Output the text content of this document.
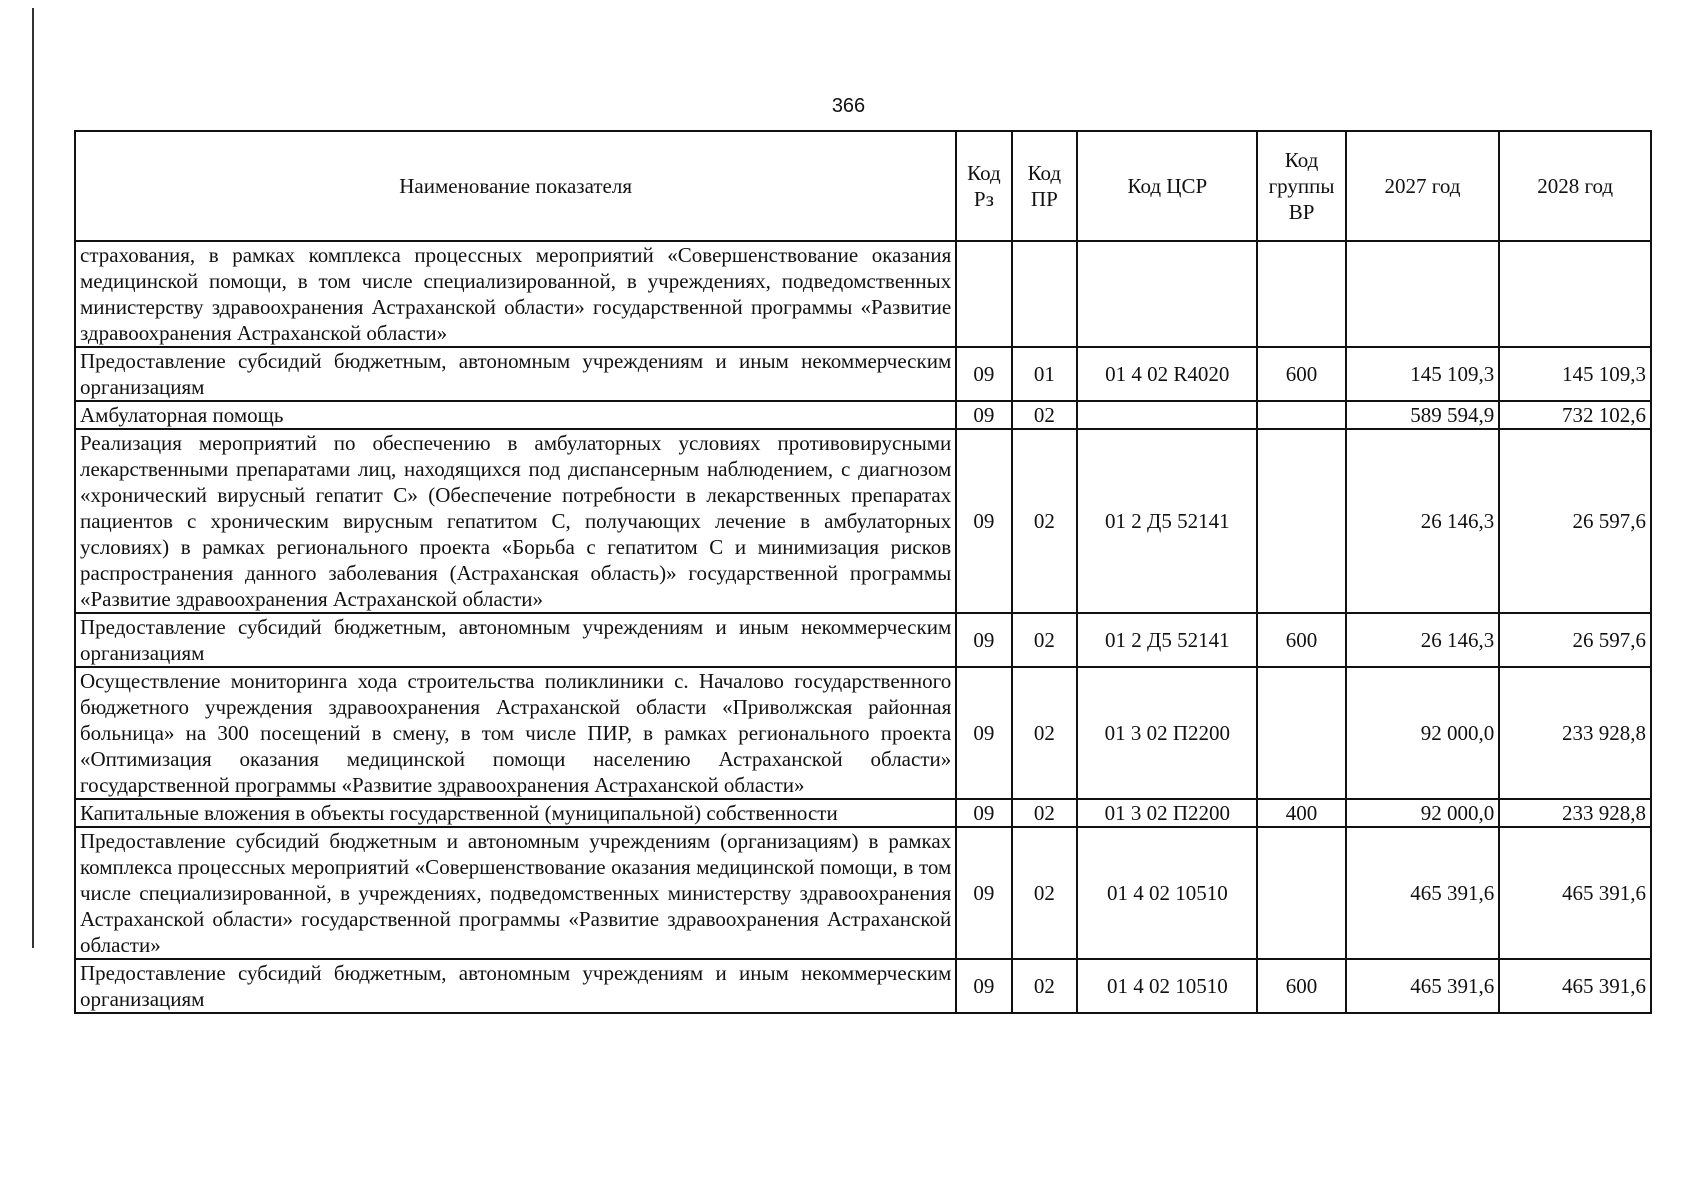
366
Наименование показателя	Код Рз	Код ПР	Код ЦСР	Код группы ВР	2027 год	2028 год
страхования, в рамках комплекса процессных мероприятий «Совершенствование оказания медицинской помощи, в том числе специализированной, в учреждениях, подведомственных министерству здравоохранения Астраханской области» государственной программы «Развитие здравоохранения Астраханской области»						
Предоставление субсидий бюджетным, автономным учреждениям и иным некоммерческим организациям	09	01	01 4 02 R4020	600	145 109,3	145 109,3
Амбулаторная помощь	09	02			589 594,9	732 102,6
Реализация мероприятий по обеспечению в амбулаторных условиях противовирусными лекарственными препаратами лиц, находящихся под диспансерным наблюдением, с диагнозом «хронический вирусный гепатит С» (Обеспечение потребности в лекарственных препаратах пациентов с хроническим вирусным гепатитом С, получающих лечение в амбулаторных условиях) в рамках регионального проекта «Борьба с гепатитом С и минимизация рисков распространения данного заболевания (Астраханская область)» государственной программы «Развитие здравоохранения Астраханской области»	09	02	01 2 Д5 52141		26 146,3	26 597,6
Предоставление субсидий бюджетным, автономным учреждениям и иным некоммерческим организациям	09	02	01 2 Д5 52141	600	26 146,3	26 597,6
Осуществление мониторинга хода строительства поликлиники с. Началово государственного бюджетного учреждения здравоохранения Астраханской области «Приволжская районная больница» на 300 посещений в смену, в том числе ПИР, в рамках регионального проекта «Оптимизация оказания медицинской помощи населению Астраханской области» государственной программы «Развитие здравоохранения Астраханской области»	09	02	01 3 02 П2200		92 000,0	233 928,8
Капитальные вложения в объекты государственной (муниципальной) собственности	09	02	01 3 02 П2200	400	92 000,0	233 928,8
Предоставление субсидий бюджетным и автономным учреждениям (организациям) в рамках комплекса процессных мероприятий «Совершенствование оказания медицинской помощи, в том числе специализированной, в учреждениях, подведомственных министерству здравоохранения Астраханской области» государственной программы «Развитие здравоохранения Астраханской области»	09	02	01 4 02 10510		465 391,6	465 391,6
Предоставление субсидий бюджетным, автономным учреждениям и иным некоммерческим организациям	09	02	01 4 02 10510	600	465 391,6	465 391,6
